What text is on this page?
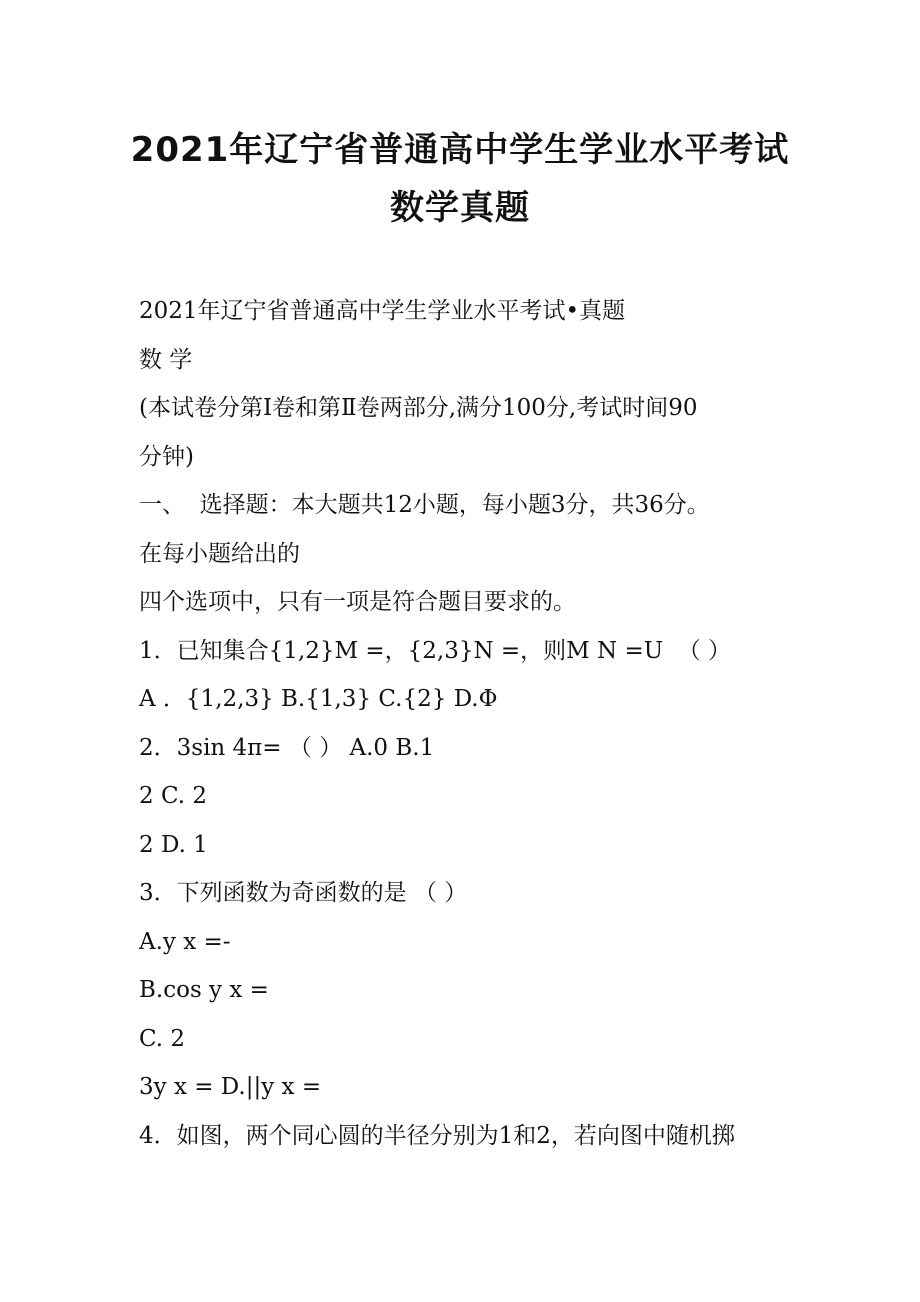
2021年辽宁省普通高中学生学业水平考试
数学真题
2021年辽宁省普通高中学生学业水平考试•真题
数 学
(本试卷分第Ⅰ卷和第Ⅱ卷两部分,满分100分,考试时间90
分钟)
一、  选择题：本大题共12小题，每小题3分，共36分。
在每小题给出的
四个选项中，只有一项是符合题目要求的。
1．已知集合{1,2}M =，{2,3}N =，则M N =U  （ ）
A ．{1,2,3} B.{1,3} C.{2} D.Φ
2．3sin 4π= （ ） A.0 B.1
2 C. 2
2 D. 1
3．下列函数为奇函数的是 （ ）
A.y x =-
B.cos y x =
C. 2
3y x = D.||y x =
4．如图，两个同心圆的半径分别为1和2，若向图中随机掷
